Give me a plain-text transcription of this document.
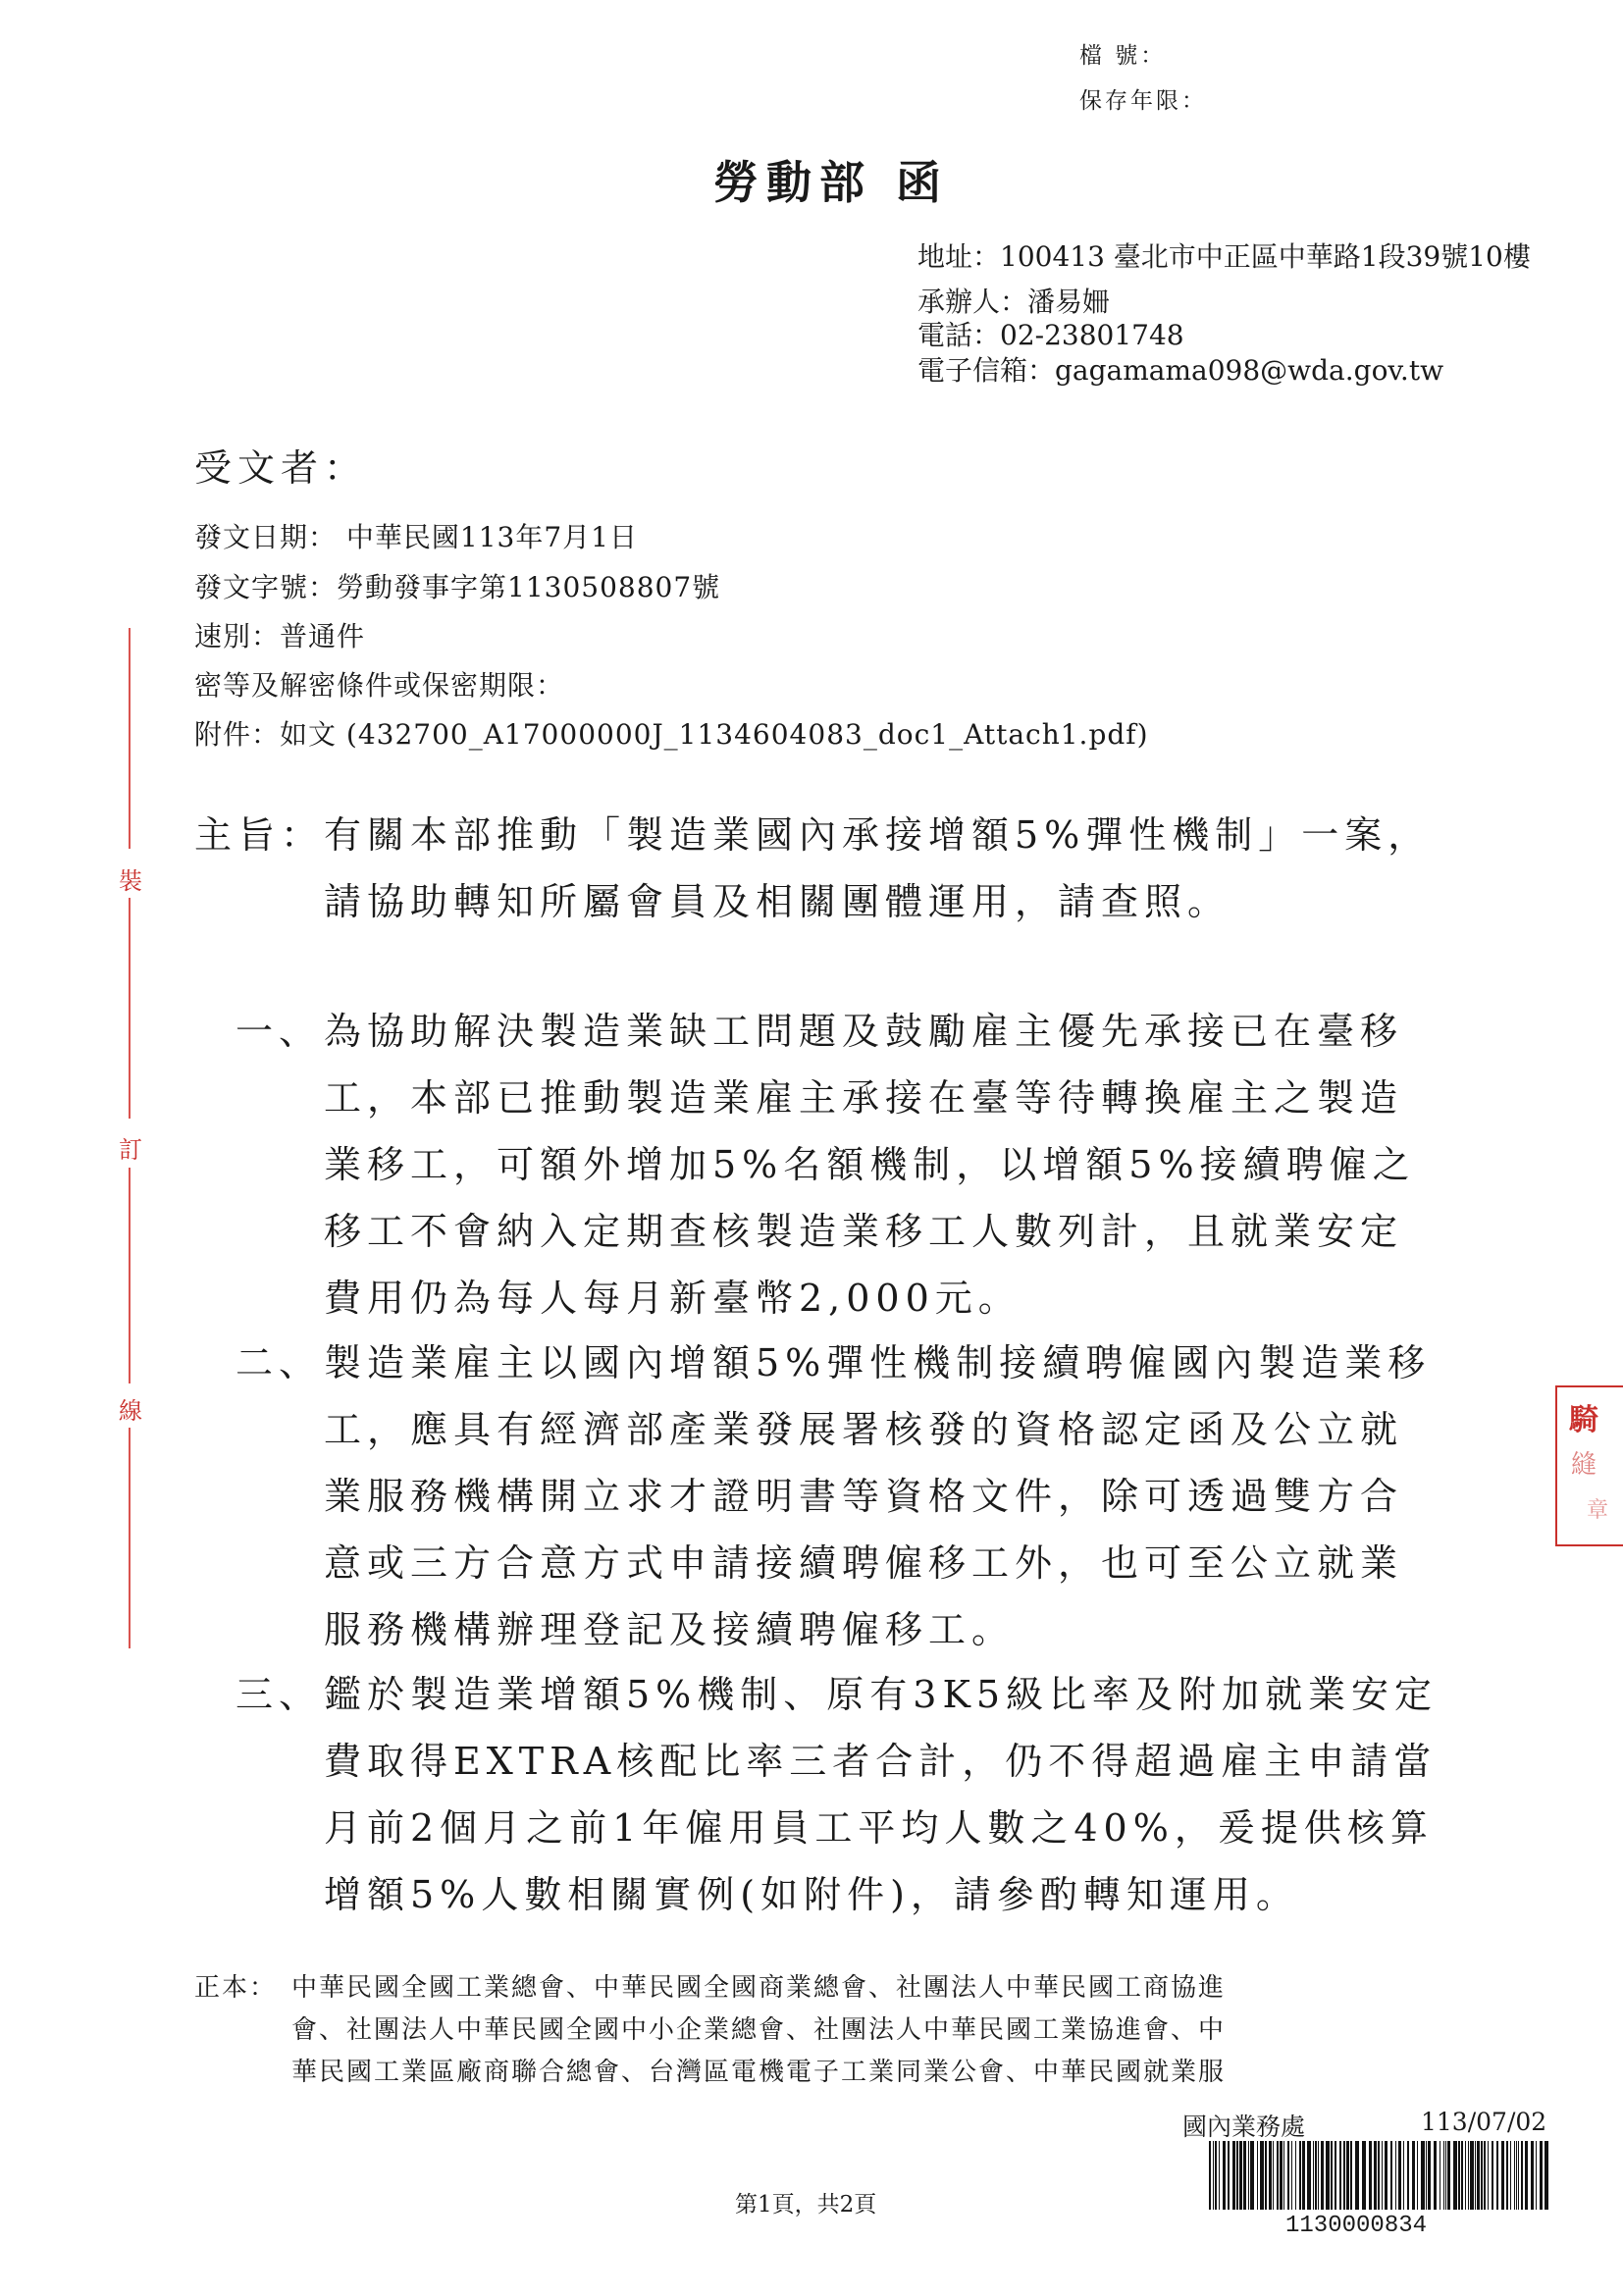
檔 號：
保存年限：
勞動部 函
地址：100413 臺北市中正區中華路1段39號10樓
承辦人：潘易姍
電話：02-23801748
電子信箱：gagamama098@wda.gov.tw
受文者：
發文日期： 中華民國113年7月1日
發文字號：勞動發事字第1130508807號
速別：普通件
密等及解密條件或保密期限：
附件：如文 (432700_A17000000J_1134604083_doc1_Attach1.pdf)
裝
訂
線
主旨： 有關本部推動「製造業國內承接增額5%彈性機制」一案，
請協助轉知所屬會員及相關團體運用，請查照。
一、 為協助解決製造業缺工問題及鼓勵雇主優先承接已在臺移
工，本部已推動製造業雇主承接在臺等待轉換雇主之製造
業移工，可額外增加5%名額機制，以增額5%接續聘僱之
移工不會納入定期查核製造業移工人數列計，且就業安定
費用仍為每人每月新臺幣2,000元。
二、 製造業雇主以國內增額5%彈性機制接續聘僱國內製造業移
工，應具有經濟部產業發展署核發的資格認定函及公立就
業服務機構開立求才證明書等資格文件，除可透過雙方合
意或三方合意方式申請接續聘僱移工外，也可至公立就業
服務機構辦理登記及接續聘僱移工。
三、 鑑於製造業增額5%機制、原有3K5級比率及附加就業安定
費取得EXTRA核配比率三者合計，仍不得超過雇主申請當
月前2個月之前1年僱用員工平均人數之40%，爰提供核算
增額5%人數相關實例(如附件)，請參酌轉知運用。
正本： 中華民國全國工業總會、中華民國全國商業總會、社團法人中華民國工商協進
會、社團法人中華民國全國中小企業總會、社團法人中華民國工業協進會、中
華民國工業區廠商聯合總會、台灣區電機電子工業同業公會、中華民國就業服
國內業務處	113/07/02
1130000834
第1頁，共2頁
騎
縫
章
